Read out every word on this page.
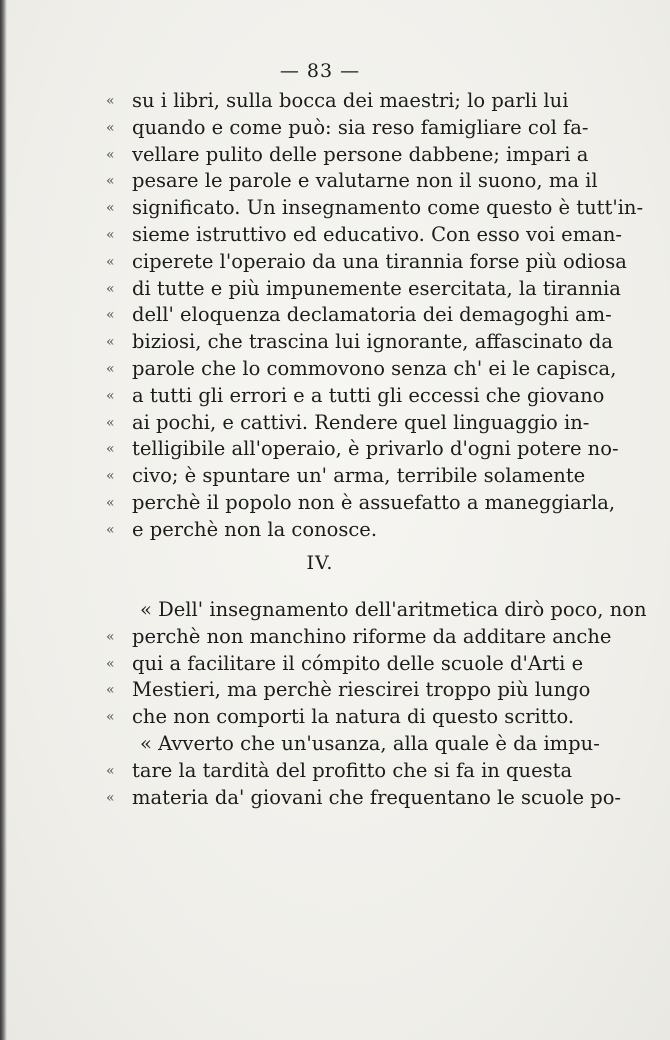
— 83 —
« su i libri, sulla bocca dei maestri; lo parli lui
« quando e come può: sia reso famigliare col fa-
« vellare pulito delle persone dabbene; impari a
« pesare le parole e valutarne non il suono, ma il
« significato. Un insegnamento come questo è tutt'in-
« sieme istruttivo ed educativo. Con esso voi eman-
« ciperete l'operaio da una tirannia forse più odiosa
« di tutte e più impunemente esercitata, la tirannia
« dell' eloquenza declamatoria dei demagoghi am-
« biziosi, che trascina lui ignorante, affascinato da
« parole che lo commovono senza ch' ei le capisca,
« a tutti gli errori e a tutti gli eccessi che giovano
« ai pochi, e cattivi. Rendere quel linguaggio in-
« telligibile all'operaio, è privarlo d'ogni potere no-
« civo; è spuntare un' arma, terribile solamente
« perchè il popolo non è assuefatto a maneggiarla,
« e perchè non la conosce.
IV.
« Dell' insegnamento dell'aritmetica dirò poco, non
« perchè non manchino riforme da additare anche
« qui a facilitare il cómpito delle scuole d'Arti e
« Mestieri, ma perchè riescirei troppo più lungo
« che non comporti la natura di questo scritto.
« Avverto che un'usanza, alla quale è da impu-
« tare la tardità del profitto che si fa in questa
« materia da' giovani che frequentano le scuole po-
